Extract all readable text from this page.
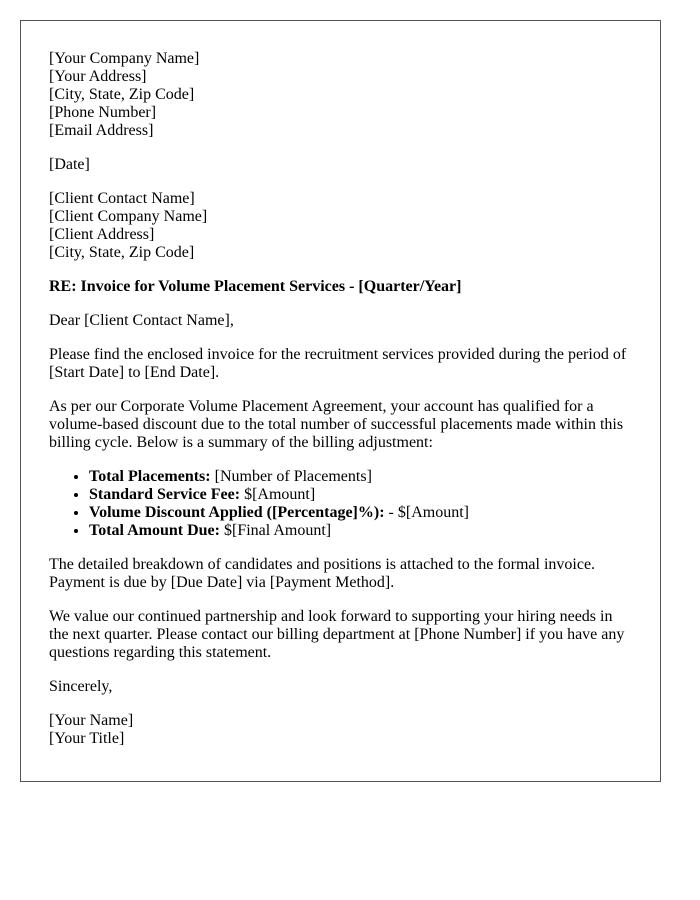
[Your Company Name]
[Your Address]
[City, State, Zip Code]
[Phone Number]
[Email Address]
[Date]
[Client Contact Name]
[Client Company Name]
[Client Address]
[City, State, Zip Code]
RE: Invoice for Volume Placement Services - [Quarter/Year]

Dear [Client Contact Name],

Please find the enclosed invoice for the recruitment services provided during the period of [Start Date] to [End Date].

As per our Corporate Volume Placement Agreement, your account has qualified for a volume-based discount due to the total number of successful placements made within this billing cycle. Below is a summary of the billing adjustment:

• Total Placements: [Number of Placements]
• Standard Service Fee: $[Amount]
• Volume Discount Applied ([Percentage]%): - $[Amount]
• Total Amount Due: $[Final Amount]

The detailed breakdown of candidates and positions is attached to the formal invoice. Payment is due by [Due Date] via [Payment Method].

We value our continued partnership and look forward to supporting your hiring needs in the next quarter. Please contact our billing department at [Phone Number] if you have any questions regarding this statement.

Sincerely,

[Your Name]
[Your Title]
